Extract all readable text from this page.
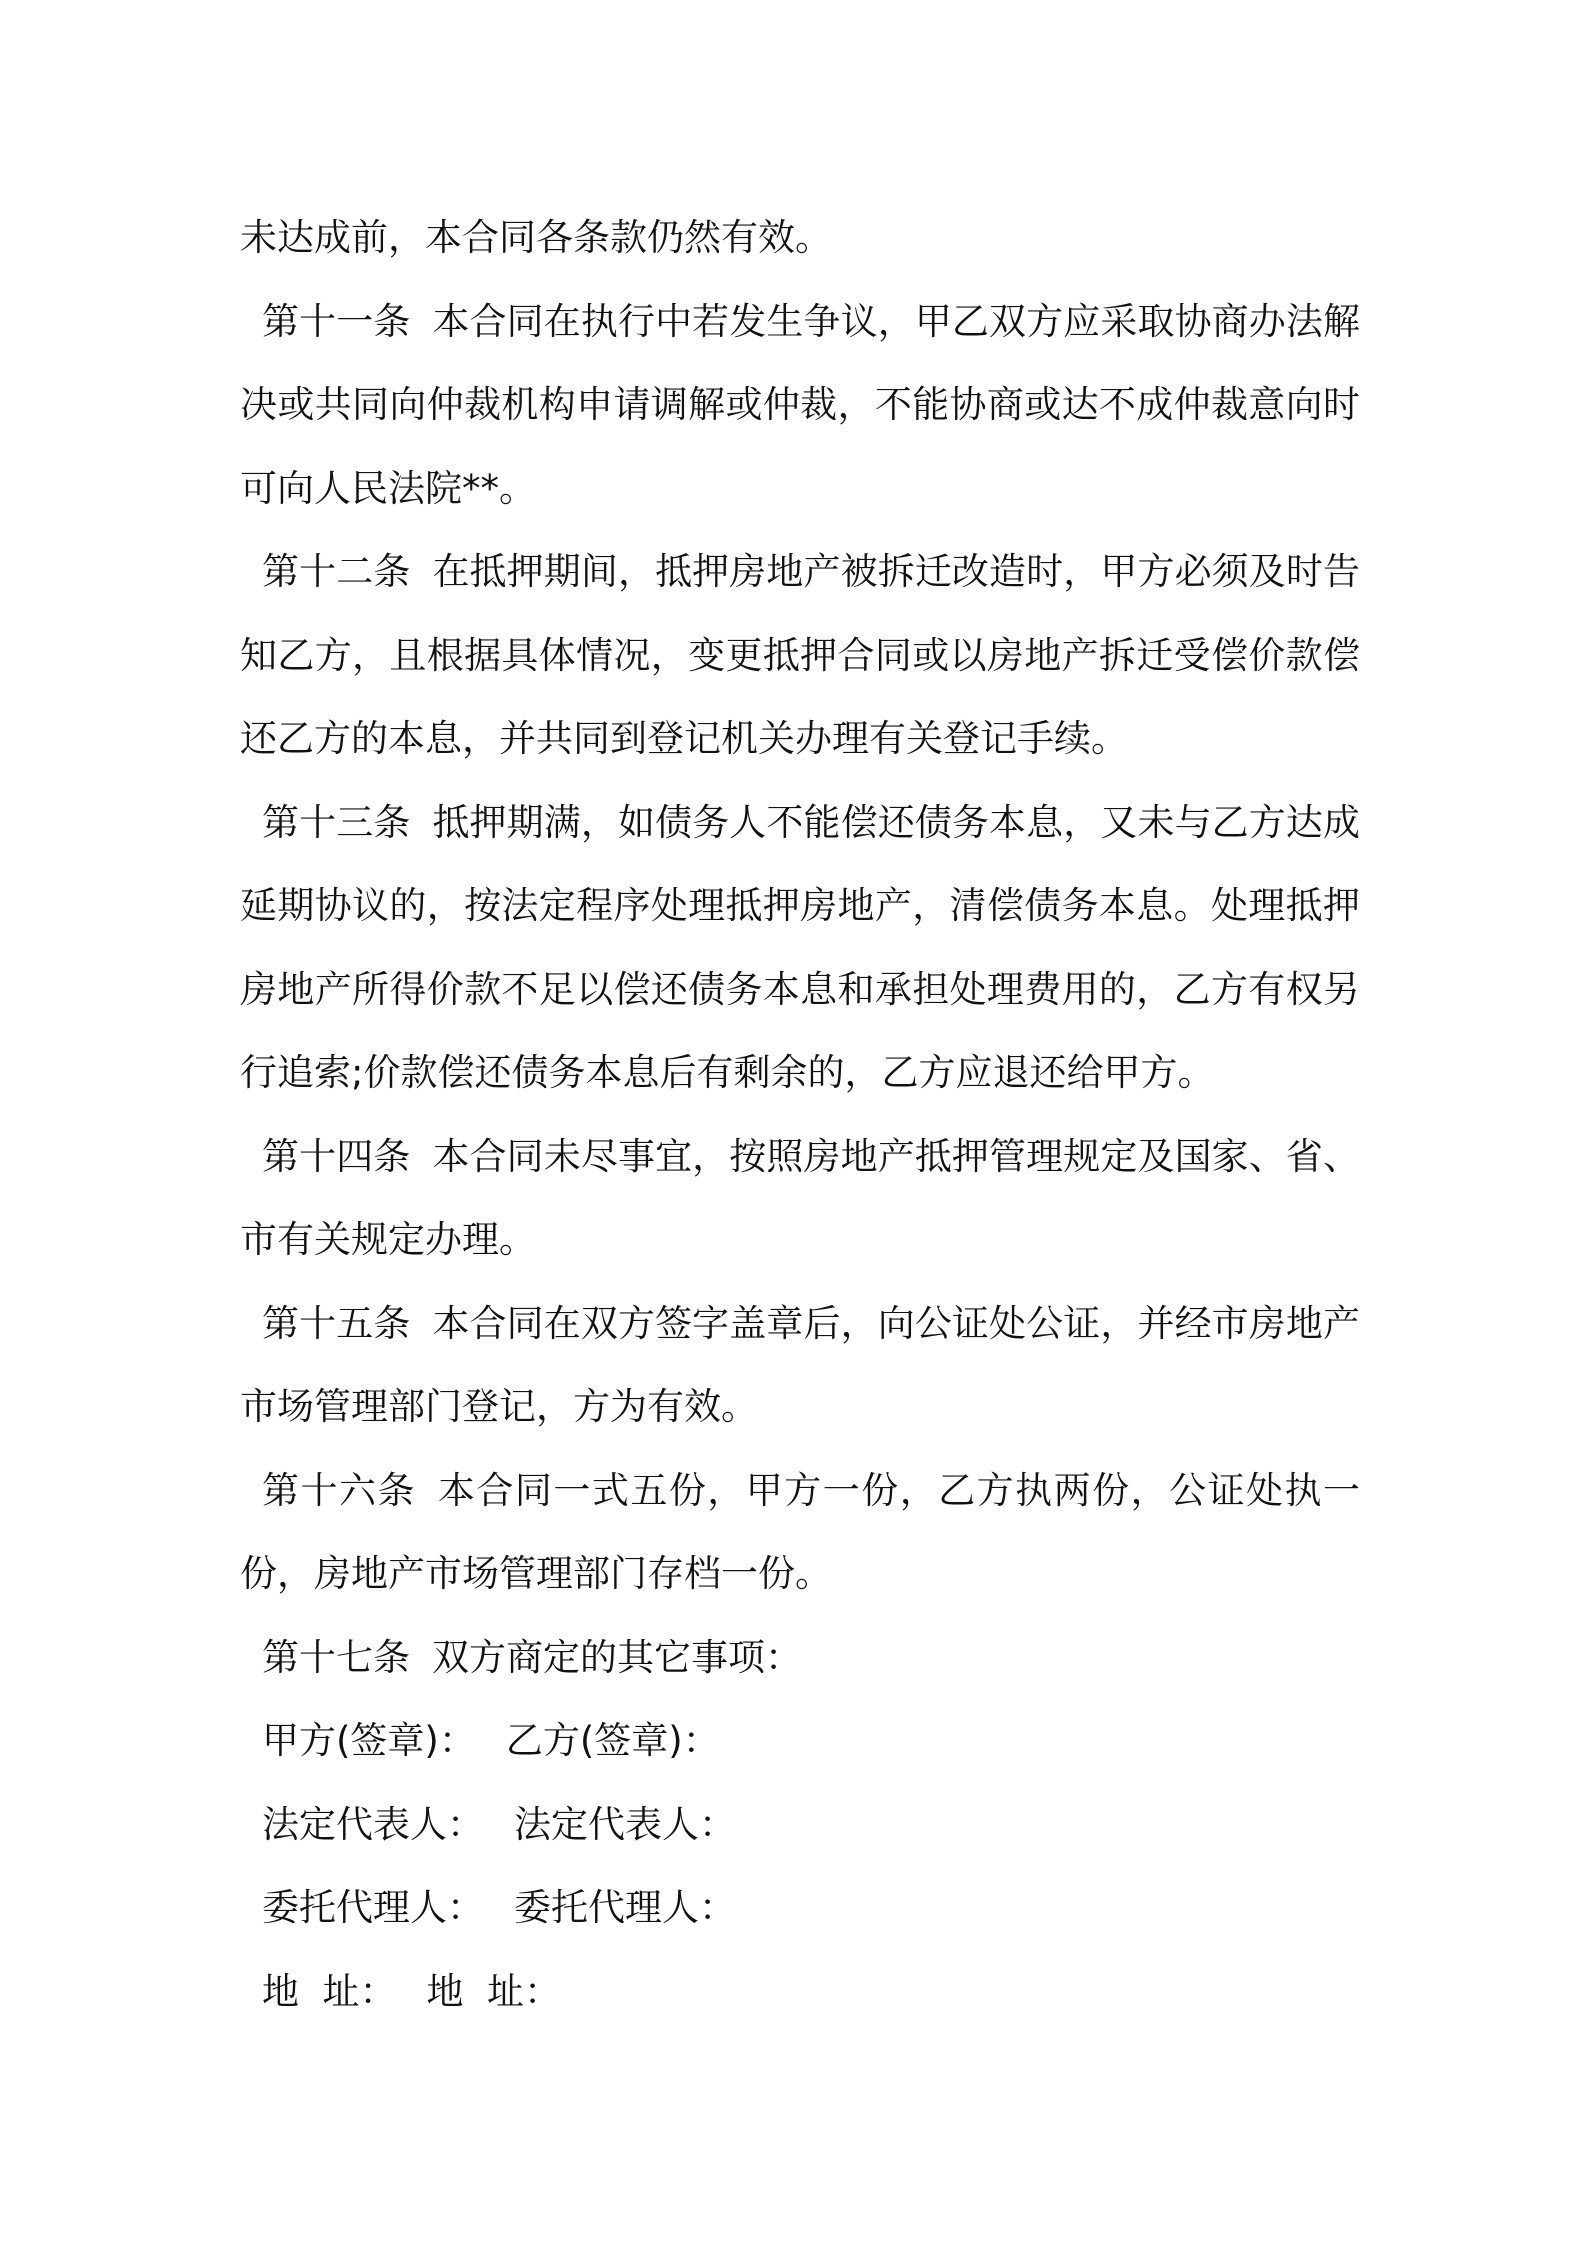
未达成前，本合同各条款仍然有效。

第十一条 本合同在执行中若发生争议，甲乙双方应采取协商办法解决或共同向仲裁机构申请调解或仲裁，不能协商或达不成仲裁意向时可向人民法院**。

第十二条 在抵押期间，抵押房地产被拆迁改造时，甲方必须及时告知乙方，且根据具体情况，变更抵押合同或以房地产拆迁受偿价款偿还乙方的本息，并共同到登记机关办理有关登记手续。

第十三条 抵押期满，如债务人不能偿还债务本息，又未与乙方达成延期协议的，按法定程序处理抵押房地产，清偿债务本息。处理抵押房地产所得价款不足以偿还债务本息和承担处理费用的，乙方有权另行追索;价款偿还债务本息后有剩余的，乙方应退还给甲方。

第十四条 本合同未尽事宜，按照房地产抵押管理规定及国家、省、市有关规定办理。

第十五条 本合同在双方签字盖章后，向公证处公证，并经市房地产市场管理部门登记，方为有效。

第十六条 本合同一式五份，甲方一份，乙方执两份，公证处执一份，房地产市场管理部门存档一份。

第十七条 双方商定的其它事项：

甲方(签章)： 乙方(签章)：

法定代表人： 法定代表人：

委托代理人： 委托代理人：

地  址： 地  址：
